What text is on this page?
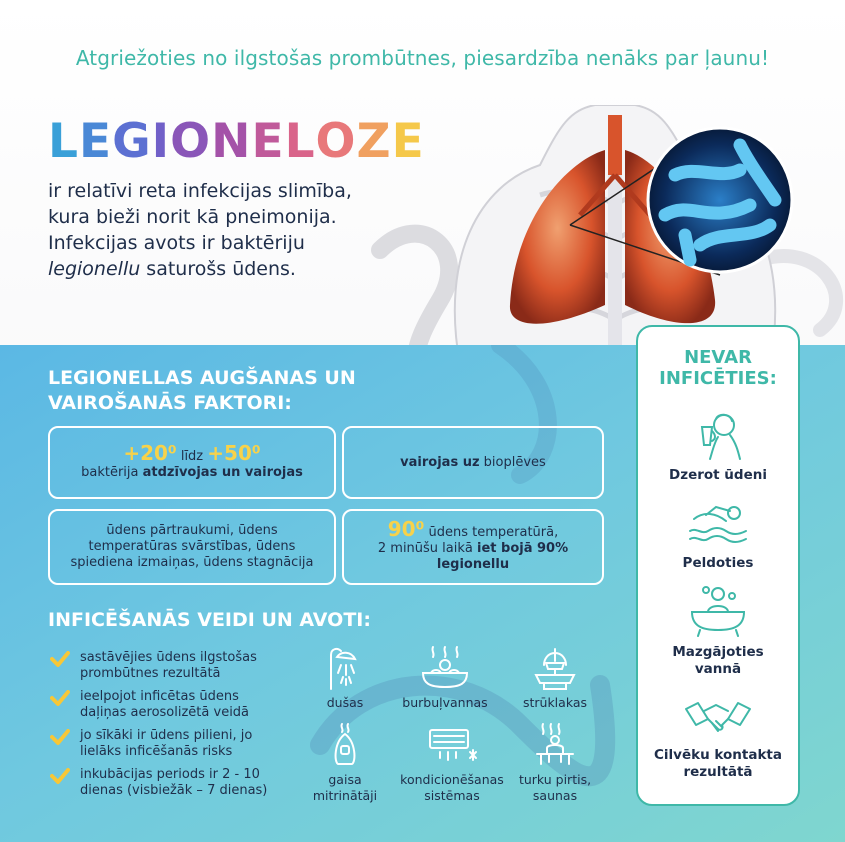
Atgriežoties no ilgstošas prombūtnes, piesardzība nenāks par ļaunu!
LEGIONELOZE

ir relatīvi reta infekcijas slimība,

kura bieži norit kā pneimonija.

Infekcijas avots ir baktēriju

legionellu saturošs ūdens.

LEGIONELLAS AUGŠANAS UN
VAIROŠANĀS FAKTORI:
+20⁰ līdz +50⁰
baktērija atdzīvojas un vairojas
vairojas uz bioplēves
ūdens pārtraukumi, ūdens
temperatūras svārstības, ūdens
spiediena izmaiņas, ūdens stagnācija
90⁰ ūdens temperatūrā,
2 minūšu laikā iet bojā 90%
legionellu
INFICĒŠANĀS VEIDI UN AVOTI:
sastāvējies ūdens ilgstošas
prombūtnes rezultātā
ieelpojot inficētas ūdens
daļiņas aerosolizētā veidā
jo sīkāki ir ūdens pilieni, jo
lielāks inficēšanās risks
inkubācijas periods ir 2 - 10
dienas (visbiežāk – 7 dienas)
dušas	burbuļvannas	strūklakas
gaisa
mitrinātāji
kondicionēšanas
sistēmas
turku pirtis,
saunas
NEVAR
INFICĒTIES:
Dzerot ūdeni
Peldoties
Mazgājoties
vannā
Cilvēku kontakta
rezultātā
